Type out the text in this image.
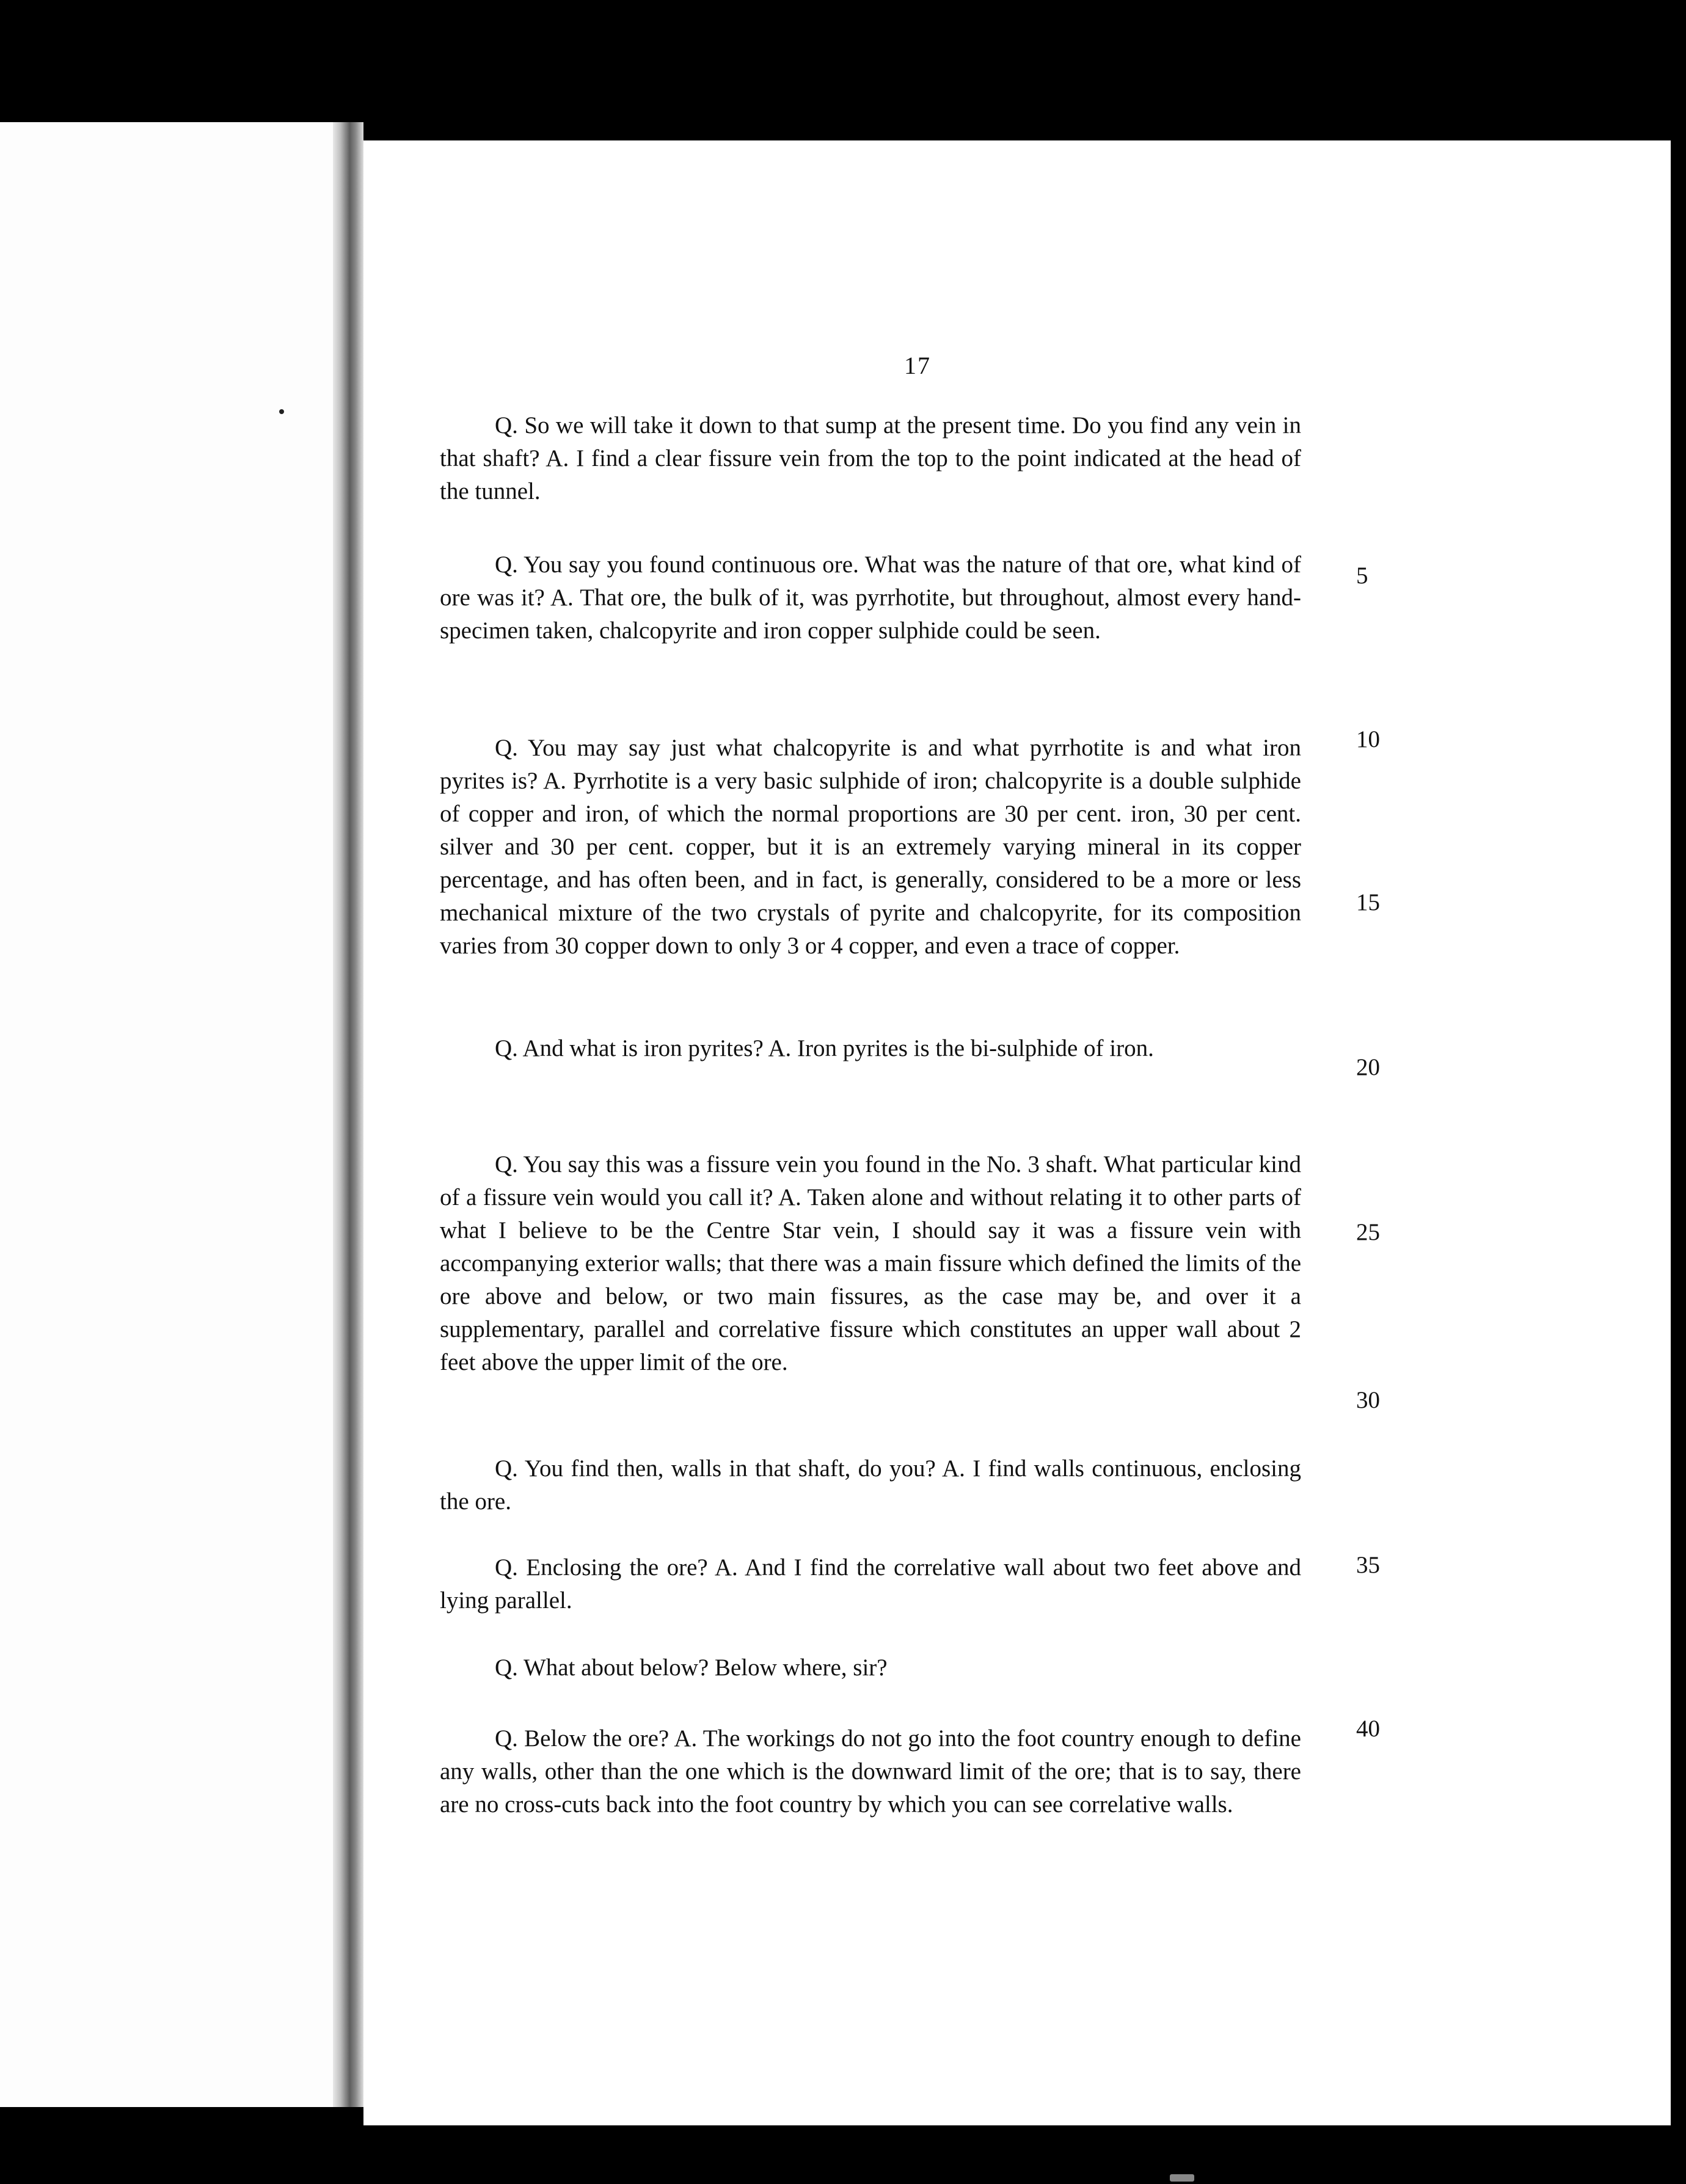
17

Q. So we will take it down to that sump at the present time. Do you find any vein in that shaft? A. I find a clear fissure vein from the top to the point indicated at the head of the tunnel.

Q. You say you found continuous ore. What was the nature of that ore, what kind of ore was it? A. That ore, the bulk of it, was pyrrhotite, but throughout, almost every hand-specimen taken, chalcopyrite and iron copper sulphide could be seen.

Q. You may say just what chalcopyrite is and what pyrrhotite is and what iron pyrites is? A. Pyrrhotite is a very basic sulphide of iron; chalcopyrite is a double sulphide of copper and iron, of which the normal proportions are 30 per cent. iron, 30 per cent. silver and 30 per cent. copper, but it is an extremely varying mineral in its copper percentage, and has often been, and in fact, is generally, considered to be a more or less mechanical mixture of the two crystals of pyrite and chalcopyrite, for its composition varies from 30 copper down to only 3 or 4 copper, and even a trace of copper.

Q. And what is iron pyrites? A. Iron pyrites is the bi-sulphide of iron.

Q. You say this was a fissure vein you found in the No. 3 shaft. What particular kind of a fissure vein would you call it? A. Taken alone and without relating it to other parts of what I believe to be the Centre Star vein, I should say it was a fissure vein with accompanying exterior walls; that there was a main fissure which defined the limits of the ore above and below, or two main fissures, as the case may be, and over it a supplementary, parallel and correlative fissure which constitutes an upper wall about 2 feet above the upper limit of the ore.

Q. You find then, walls in that shaft, do you? A. I find walls continuous, enclosing the ore.

Q. Enclosing the ore? A. And I find the correlative wall about two feet above and lying parallel.

Q. What about below? Below where, sir?

Q. Below the ore? A. The workings do not go into the foot country enough to define any walls, other than the one which is the downward limit of the ore; that is to say, there are no cross-cuts back into the foot country by which you can see correlative walls.

5
10
15
20
25
30
35
40
